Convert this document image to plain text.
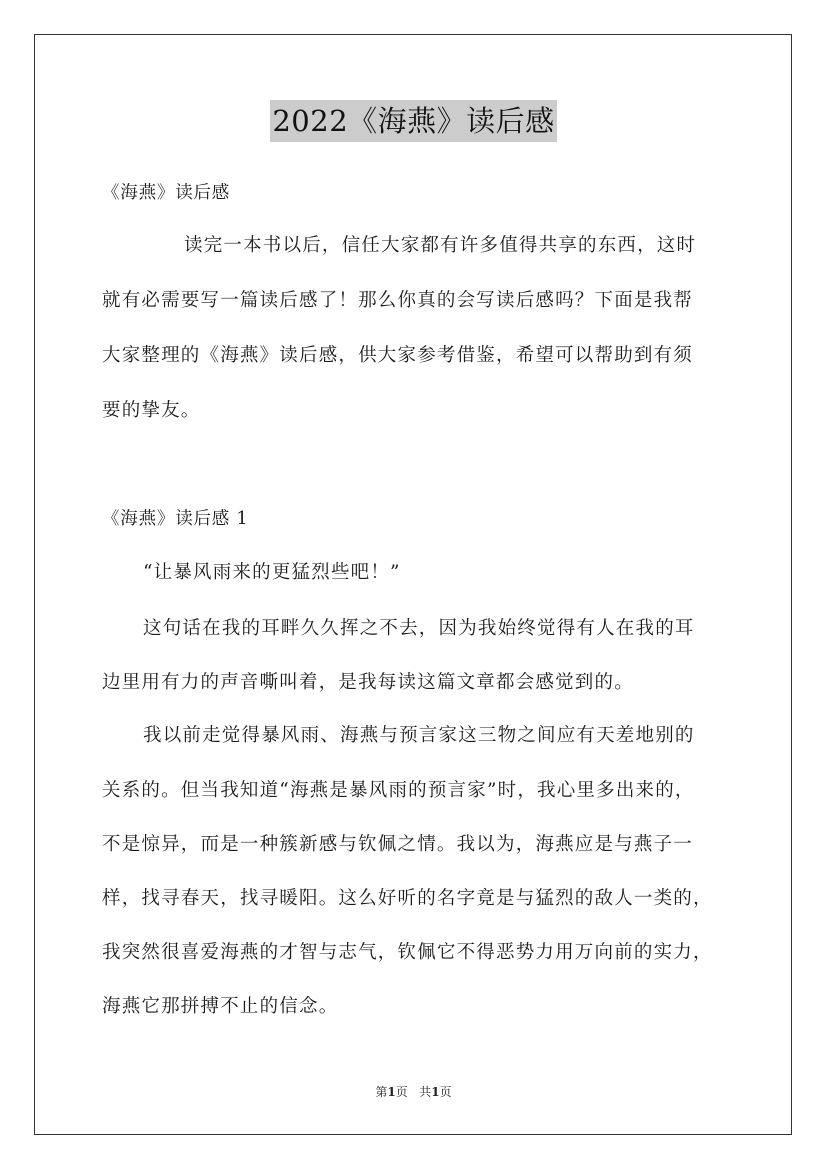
2022《海燕》读后感
《海燕》读后感
读完一本书以后，信任大家都有许多值得共享的东西，这时
就有必需要写一篇读后感了！那么你真的会写读后感吗？下面是我帮
大家整理的《海燕》读后感，供大家参考借鉴，希望可以帮助到有须
要的挚友。
《海燕》读后感 1
“让暴风雨来的更猛烈些吧！”
这句话在我的耳畔久久挥之不去，因为我始终觉得有人在我的耳
边里用有力的声音嘶叫着，是我每读这篇文章都会感觉到的。
我以前走觉得暴风雨、海燕与预言家这三物之间应有天差地别的
关系的。但当我知道“海燕是暴风雨的预言家”时，我心里多出来的，
不是惊异，而是一种簇新感与钦佩之情。我以为，海燕应是与燕子一
样，找寻春天，找寻暖阳。这么好听的名字竟是与猛烈的敌人一类的，
我突然很喜爱海燕的才智与志气，钦佩它不得恶势力用万向前的实力，
海燕它那拼搏不止的信念。
第1页 共1页
